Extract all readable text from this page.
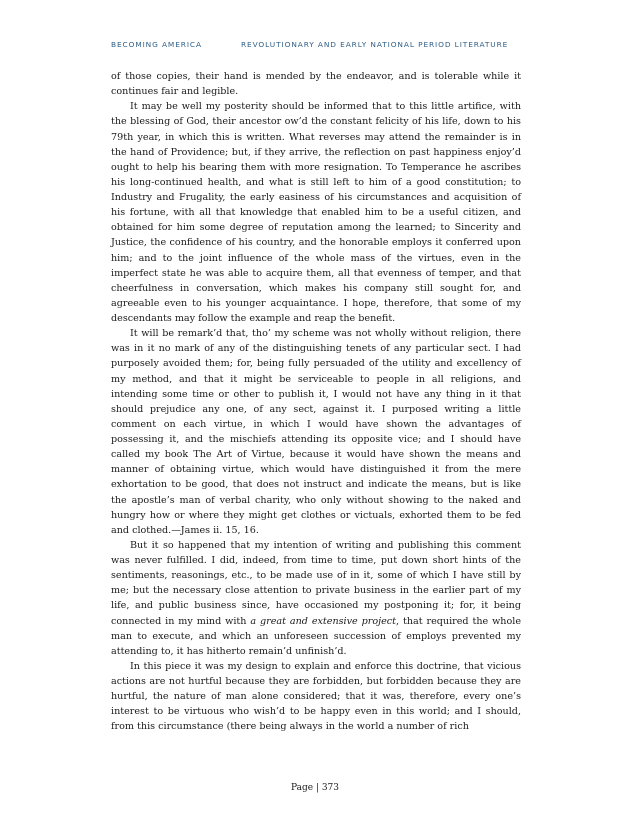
BECOMING AMERICA	REVOLUTIONARY AND EARLY NATIONAL PERIOD LITERATURE

of those copies, their hand is mended by the endeavor, and is tolerable while it continues fair and legible.

It may be well my posterity should be informed that to this little artifice, with the blessing of God, their ancestor ow’d the constant felicity of his life, down to his 79th year, in which this is written. What reverses may attend the remainder is in the hand of Providence; but, if they arrive, the reflection on past happiness enjoy’d ought to help his bearing them with more resignation. To Temperance he ascribes his long-continued health, and what is still left to him of a good constitution; to Industry and Frugality, the early easiness of his circumstances and acquisition of his fortune, with all that knowledge that enabled him to be a useful citizen, and obtained for him some degree of reputation among the learned; to Sincerity and Justice, the confidence of his country, and the honorable employs it conferred upon him; and to the joint influence of the whole mass of the virtues, even in the imperfect state he was able to acquire them, all that evenness of temper, and that cheerfulness in conversation, which makes his company still sought for, and agreeable even to his younger acquaintance. I hope, therefore, that some of my descendants may follow the example and reap the benefit.

It will be remark’d that, tho’ my scheme was not wholly without religion, there was in it no mark of any of the distinguishing tenets of any particular sect. I had purposely avoided them; for, being fully persuaded of the utility and excellency of my method, and that it might be serviceable to people in all religions, and intending some time or other to publish it, I would not have any thing in it that should prejudice any one, of any sect, against it. I purposed writing a little comment on each virtue, in which I would have shown the advantages of possessing it, and the mischiefs attending its opposite vice; and I should have called my book The Art of Virtue, because it would have shown the means and manner of obtaining virtue, which would have distinguished it from the mere exhortation to be good, that does not instruct and indicate the means, but is like the apostle’s man of verbal charity, who only without showing to the naked and hungry how or where they might get clothes or victuals, exhorted them to be fed and clothed.—James ii. 15, 16.

But it so happened that my intention of writing and publishing this comment was never fulfilled. I did, indeed, from time to time, put down short hints of the sentiments, reasonings, etc., to be made use of in it, some of which I have still by me; but the necessary close attention to private business in the earlier part of my life, and public business since, have occasioned my postponing it; for, it being connected in my mind with a great and extensive project, that required the whole man to execute, and which an unforeseen succession of employs prevented my attending to, it has hitherto remain’d unfinish’d.

In this piece it was my design to explain and enforce this doctrine, that vicious actions are not hurtful because they are forbidden, but forbidden because they are hurtful, the nature of man alone considered; that it was, therefore, every one’s interest to be virtuous who wish’d to be happy even in this world; and I should, from this circumstance (there being always in the world a number of rich

Page | 373
